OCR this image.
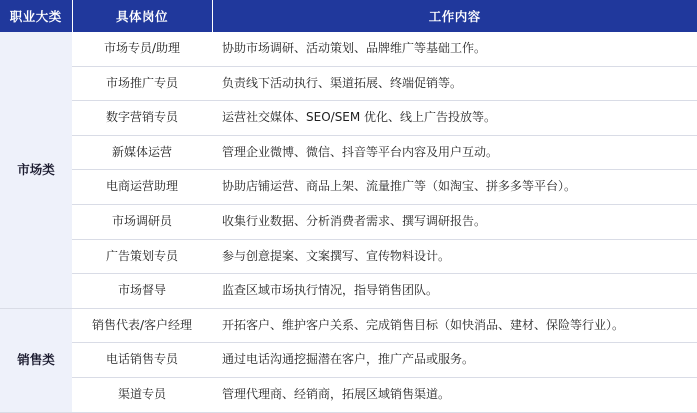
职业大类	具体岗位	工作内容
市场类	市场专员/助理	协助市场调研、活动策划、品牌维广等基础工作。
	市场推广专员	负责线下活动执行、渠道拓展、终端促销等。
	数字营销专员	运营社交媒体、SEO/SEM 优化、线上广告投放等。
	新媒体运营	管理企业微博、微信、抖音等平台内容及用户互动。
	电商运营助理	协助店铺运营、商品上架、流量推广等（如淘宝、拼多多等平台）。
	市场调研员	收集行业数据、分析消费者需求、撰写调研报告。
	广告策划专员	参与创意提案、文案撰写、宣传物料设计。
	市场督导	监查区域市场执行情况，指导销售团队。
销售类	销售代表/客户经理	开拓客户、维护客户关系、完成销售目标（如快消品、建材、保险等行业）。
	电话销售专员	通过电话沟通挖掘潜在客户，推广产品或服务。
	渠道专员	管理代理商、经销商，拓展区域销售渠道。
